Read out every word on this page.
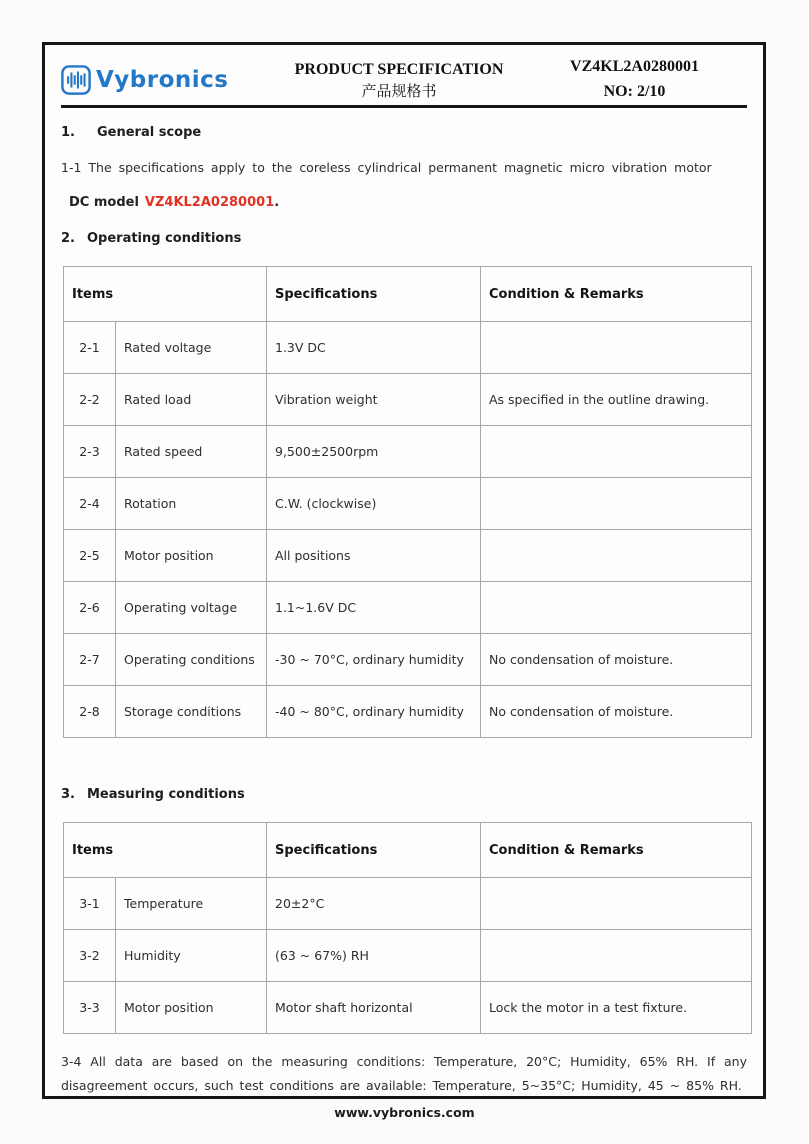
Vybronics	PRODUCT SPECIFICATION
产品规格书
VZ4KL2A0280001
NO: 2/10

1. General scope

1-1 The specifications apply to the coreless cylindrical permanent magnetic micro vibration motor

DC model VZ4KL2A0280001.

2. Operating conditions

Items		Specifications	Condition & Remarks
2-1	Rated voltage	1.3V DC	
2-2	Rated load	Vibration weight	As specified in the outline drawing.
2-3	Rated speed	9,500±2500rpm	
2-4	Rotation	C.W. (clockwise)	
2-5	Motor position	All positions	
2-6	Operating voltage	1.1~1.6V DC	
2-7	Operating conditions	-30 ~ 70°C, ordinary humidity	No condensation of moisture.
2-8	Storage conditions	-40 ~ 80°C, ordinary humidity	No condensation of moisture.

3. Measuring conditions

Items		Specifications	Condition & Remarks
3-1	Temperature	20±2°C	
3-2	Humidity	(63 ~ 67%) RH	
3-3	Motor position	Motor shaft horizontal	Lock the motor in a test fixture.

3-4 All data are based on the measuring conditions: Temperature, 20°C; Humidity, 65% RH. If any disagreement occurs, such test conditions are available: Temperature, 5~35°C; Humidity, 45 ~ 85% RH.

www.vybronics.com
